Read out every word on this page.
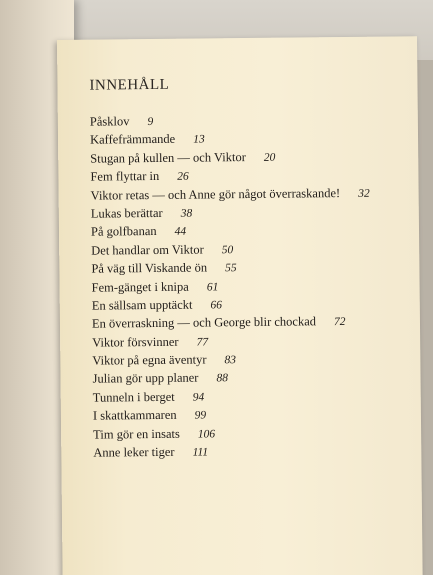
INNEHÅLL
Påsklov 9
Kaffefrämmande 13
Stugan på kullen — och Viktor 20
Fem flyttar in 26
Viktor retas — och Anne gör något överraskande! 32
Lukas berättar 38
På golfbanan 44
Det handlar om Viktor 50
På väg till Viskande ön 55
Fem-gänget i knipa 61
En sällsam upptäckt 66
En överraskning — och George blir chockad 72
Viktor försvinner 77
Viktor på egna äventyr 83
Julian gör upp planer 88
Tunneln i berget 94
I skattkammaren 99
Tim gör en insats 106
Anne leker tiger 111
